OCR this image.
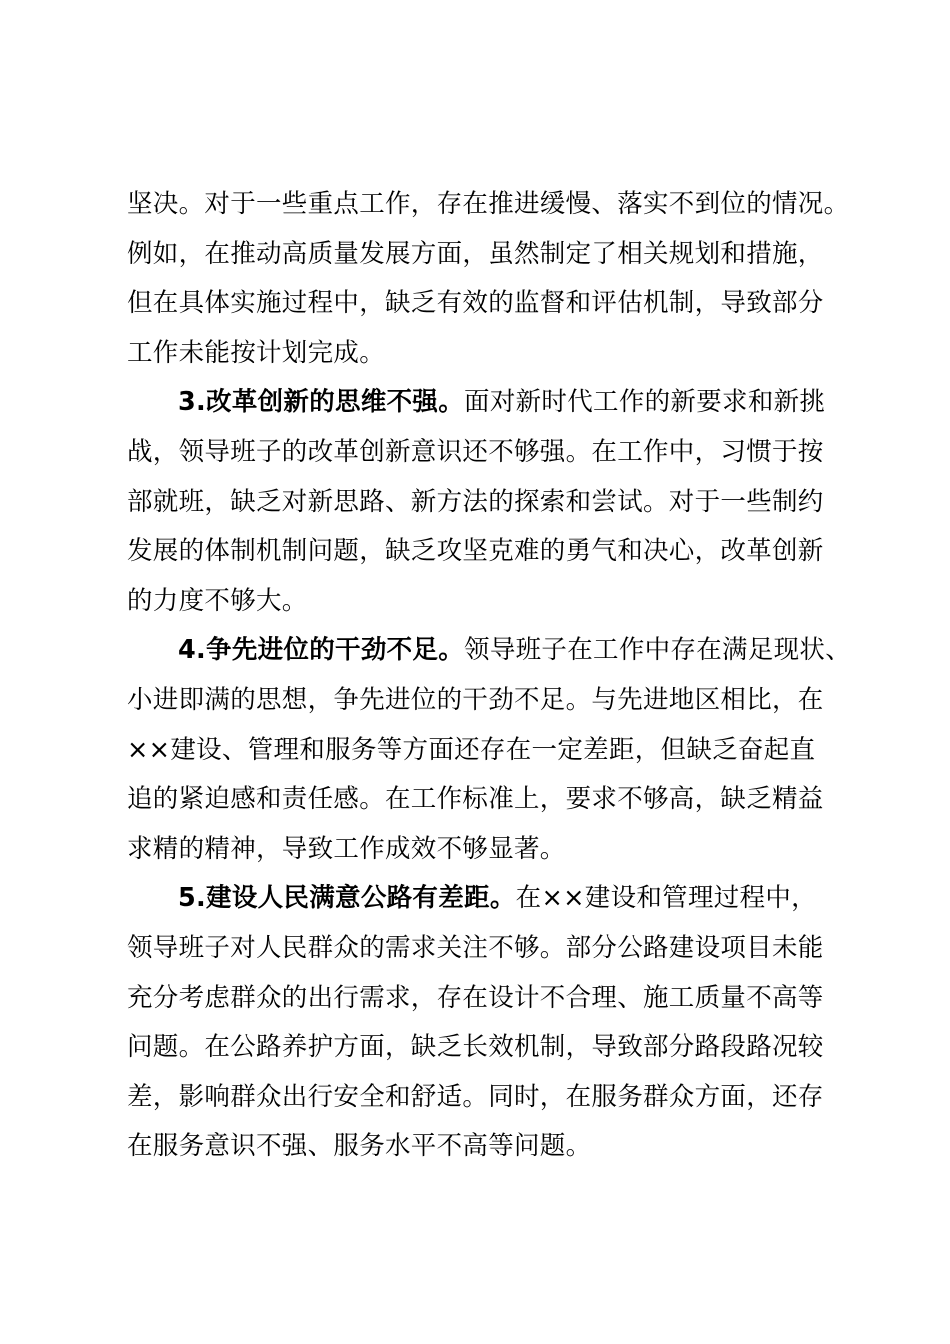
坚决。对于一些重点工作，存在推进缓慢、落实不到位的情况。
例如，在推动高质量发展方面，虽然制定了相关规划和措施，
但在具体实施过程中，缺乏有效的监督和评估机制，导致部分
工作未能按计划完成。
3.改革创新的思维不强。面对新时代工作的新要求和新挑
战，领导班子的改革创新意识还不够强。在工作中，习惯于按
部就班，缺乏对新思路、新方法的探索和尝试。对于一些制约
发展的体制机制问题，缺乏攻坚克难的勇气和决心，改革创新
的力度不够大。
4.争先进位的干劲不足。领导班子在工作中存在满足现状、
小进即满的思想，争先进位的干劲不足。与先进地区相比，在
××建设、管理和服务等方面还存在一定差距，但缺乏奋起直
追的紧迫感和责任感。在工作标准上，要求不够高，缺乏精益
求精的精神，导致工作成效不够显著。
5.建设人民满意公路有差距。在××建设和管理过程中，
领导班子对人民群众的需求关注不够。部分公路建设项目未能
充分考虑群众的出行需求，存在设计不合理、施工质量不高等
问题。在公路养护方面，缺乏长效机制，导致部分路段路况较
差，影响群众出行安全和舒适。同时，在服务群众方面，还存
在服务意识不强、服务水平不高等问题。
